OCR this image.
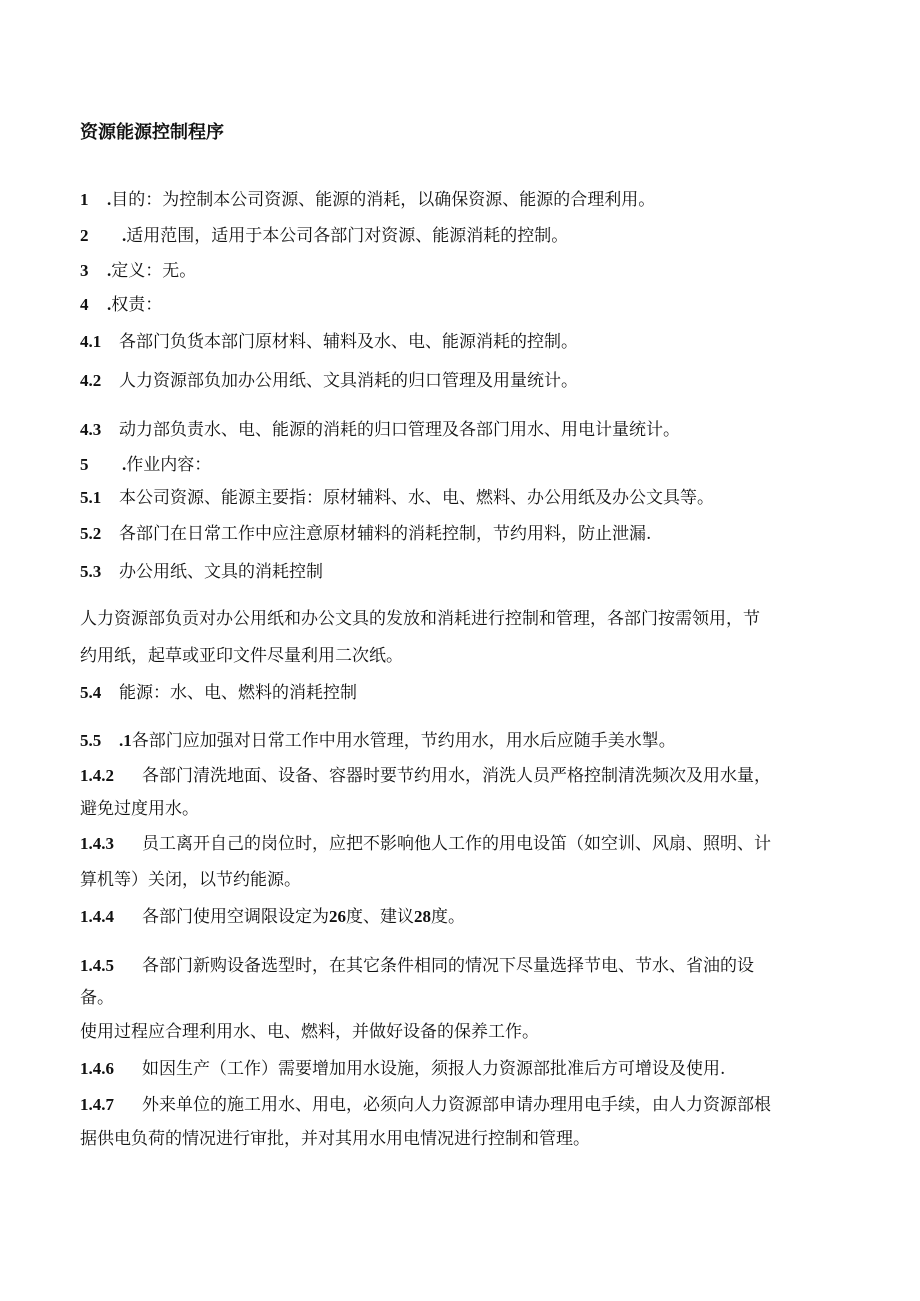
资源能源控制程序
1 .目的：为控制本公司资源、能源的消耗，以确保资源、能源的合理利用。
2 .适用范围，适用于本公司各部门对资源、能源消耗的控制。
3 .定义：无。
4 .权责：
4.1 各部门负货本部门原材料、辅料及水、电、能源消耗的控制。
4.2 人力资源部负加办公用纸、文具消耗的归口管理及用量统计。
4.3 动力部负责水、电、能源的消耗的归口管理及各部门用水、用电计量统计。
5 .作业内容：
5.1 本公司资源、能源主要指：原材辅料、水、电、燃料、办公用纸及办公文具等。
5.2 各部门在日常工作中应注意原材辅料的消耗控制，节约用料，防止泄漏.
5.3 办公用纸、文具的消耗控制
人力资源部负贡对办公用纸和办公文具的发放和消耗进行控制和管理，各部门按需领用，节
约用纸，起草或亚印文件尽量利用二次纸。
5.4 能源：水、电、燃料的消耗控制
5.5 .1各部门应加强对日常工作中用水管理，节约用水，用水后应随手美水掣。
1.4.2 各部门清洗地面、设备、容器时要节约用水，消洗人员严格控制清洗频次及用水量，
避免过度用水。
1.4.3 员工离开自己的岗位时，应把不影响他人工作的用电设笛（如空训、风扇、照明、计
算机等）关闭，以节约能源。
1.4.4 各部门使用空调限设定为26度、建议28度。
1.4.5 各部门新购设备选型时，在其它条件相同的情况下尽量选择节电、节水、省油的设
备。
使用过程应合理利用水、电、燃料，并做好设备的保养工作。
1.4.6 如因生产（工作）需要增加用水设施，须报人力资源部批准后方可增设及使用.
1.4.7 外来单位的施工用水、用电，必须向人力资源部申请办理用电手续，由人力资源部根
据供电负荷的情况进行审批，并对其用水用电情况进行控制和管理。
